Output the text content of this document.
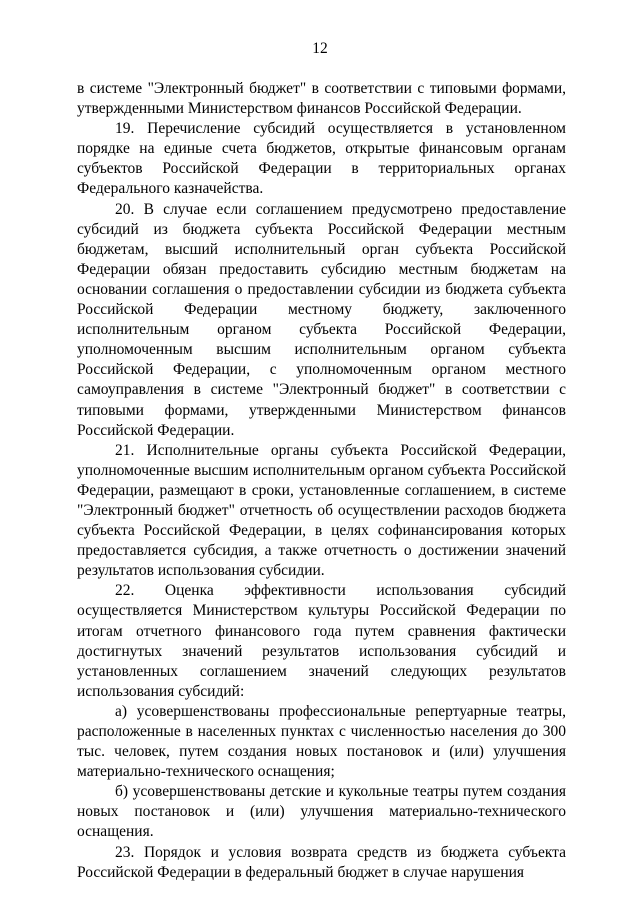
12

в системе "Электронный бюджет" в соответствии с типовыми формами, утвержденными Министерством финансов Российской Федерации.

19. Перечисление субсидий осуществляется в установленном порядке на единые счета бюджетов, открытые финансовым органам субъектов Российской Федерации в территориальных органах Федерального казначейства.

20. В случае если соглашением предусмотрено предоставление субсидий из бюджета субъекта Российской Федерации местным бюджетам, высший исполнительный орган субъекта Российской Федерации обязан предоставить субсидию местным бюджетам на основании соглашения о предоставлении субсидии из бюджета субъекта Российской Федерации местному бюджету, заключенного исполнительным органом субъекта Российской Федерации, уполномоченным высшим исполнительным органом субъекта Российской Федерации, с уполномоченным органом местного самоуправления в системе "Электронный бюджет" в соответствии с типовыми формами, утвержденными Министерством финансов Российской Федерации.

21. Исполнительные органы субъекта Российской Федерации, уполномоченные высшим исполнительным органом субъекта Российской Федерации, размещают в сроки, установленные соглашением, в системе "Электронный бюджет" отчетность об осуществлении расходов бюджета субъекта Российской Федерации, в целях софинансирования которых предоставляется субсидия, а также отчетность о достижении значений результатов использования субсидии.

22. Оценка эффективности использования субсидий осуществляется Министерством культуры Российской Федерации по итогам отчетного финансового года путем сравнения фактически достигнутых значений результатов использования субсидий и установленных соглашением значений следующих результатов использования субсидий:

а) усовершенствованы профессиональные репертуарные театры, расположенные в населенных пунктах с численностью населения до 300 тыс. человек, путем создания новых постановок и (или) улучшения материально-технического оснащения;

б) усовершенствованы детские и кукольные театры путем создания новых постановок и (или) улучшения материально-технического оснащения.

23. Порядок и условия возврата средств из бюджета субъекта Российской Федерации в федеральный бюджет в случае нарушения
